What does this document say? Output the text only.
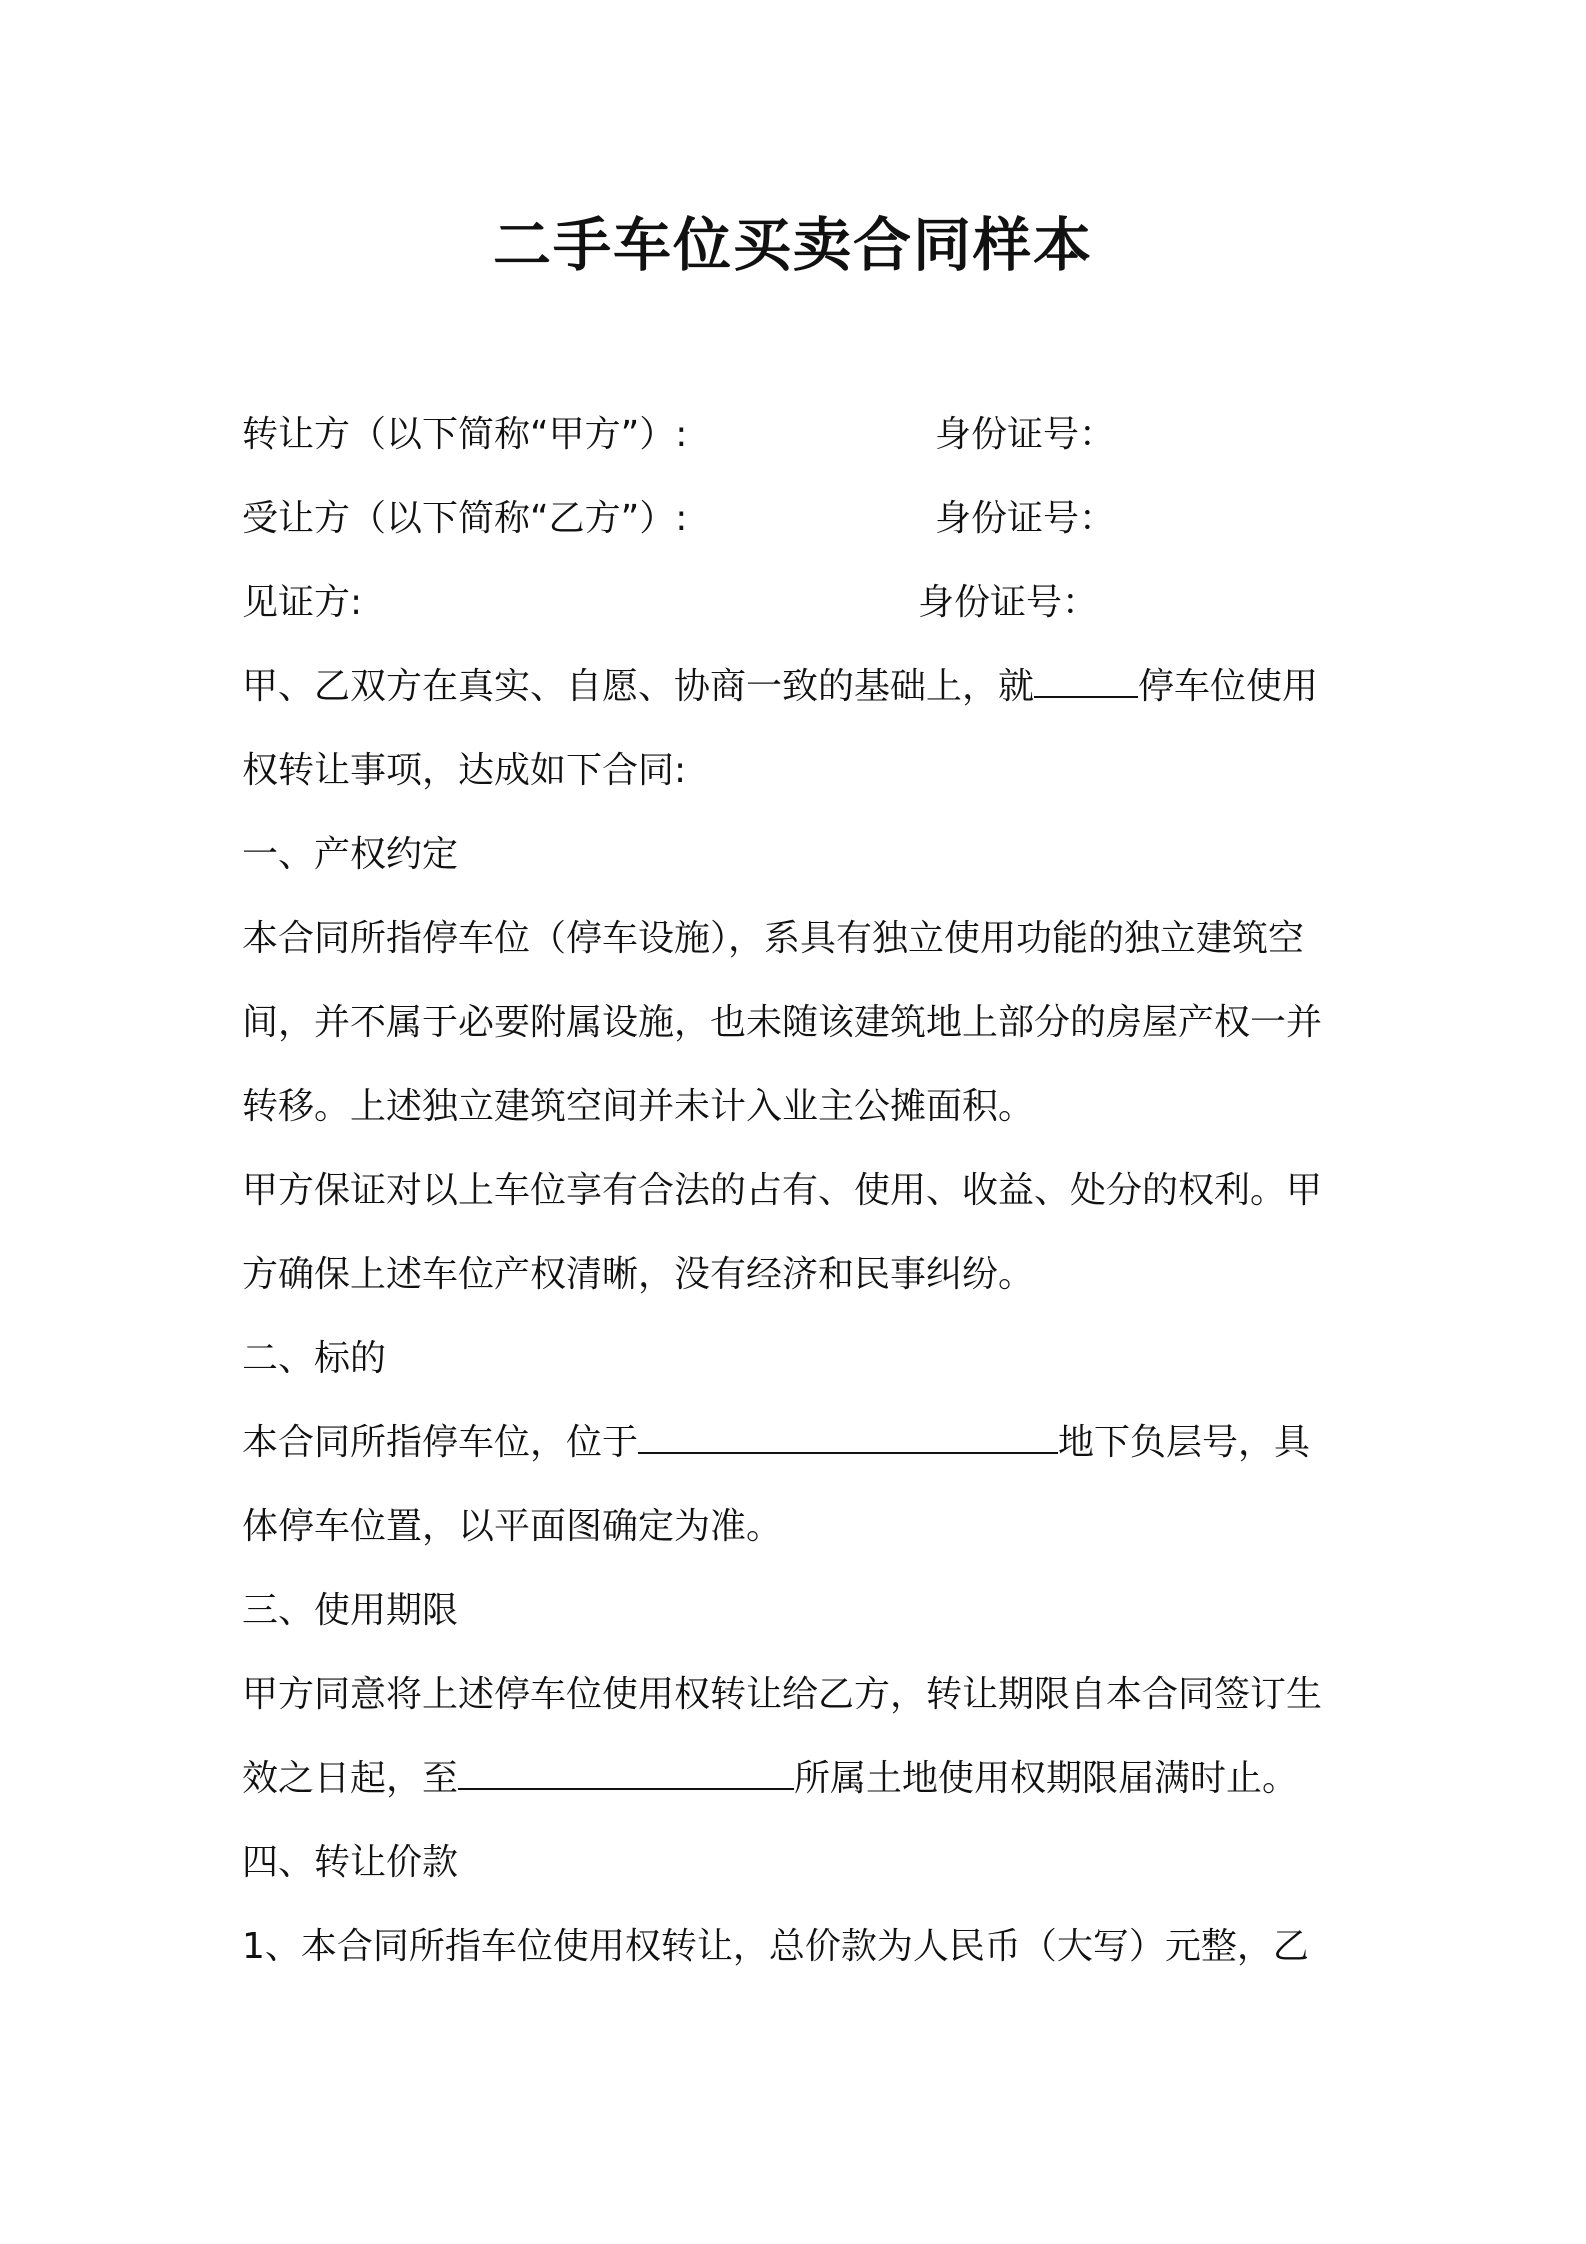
二手车位买卖合同样本
转让方（以下简称“甲方”）:	身份证号：
受让方（以下简称“乙方”）:	身份证号：
见证方:	身份证号：
甲、乙双方在真实、自愿、协商一致的基础上，就	停车位使用
权转让事项，达成如下合同:
一、产权约定
本合同所指停车位（停车设施），系具有独立使用功能的独立建筑空
间，并不属于必要附属设施，也未随该建筑地上部分的房屋产权一并
转移。上述独立建筑空间并未计入业主公摊面积。
甲方保证对以上车位享有合法的占有、使用、收益、处分的权利。甲
方确保上述车位产权清晰，没有经济和民事纠纷。
二、标的
本合同所指停车位，位于	地下负层号，具
体停车位置，以平面图确定为准。
三、使用期限
甲方同意将上述停车位使用权转让给乙方，转让期限自本合同签订生
效之日起，至	所属土地使用权期限届满时止。
四、转让价款
1、本合同所指车位使用权转让，总价款为人民币（大写）元整，乙
